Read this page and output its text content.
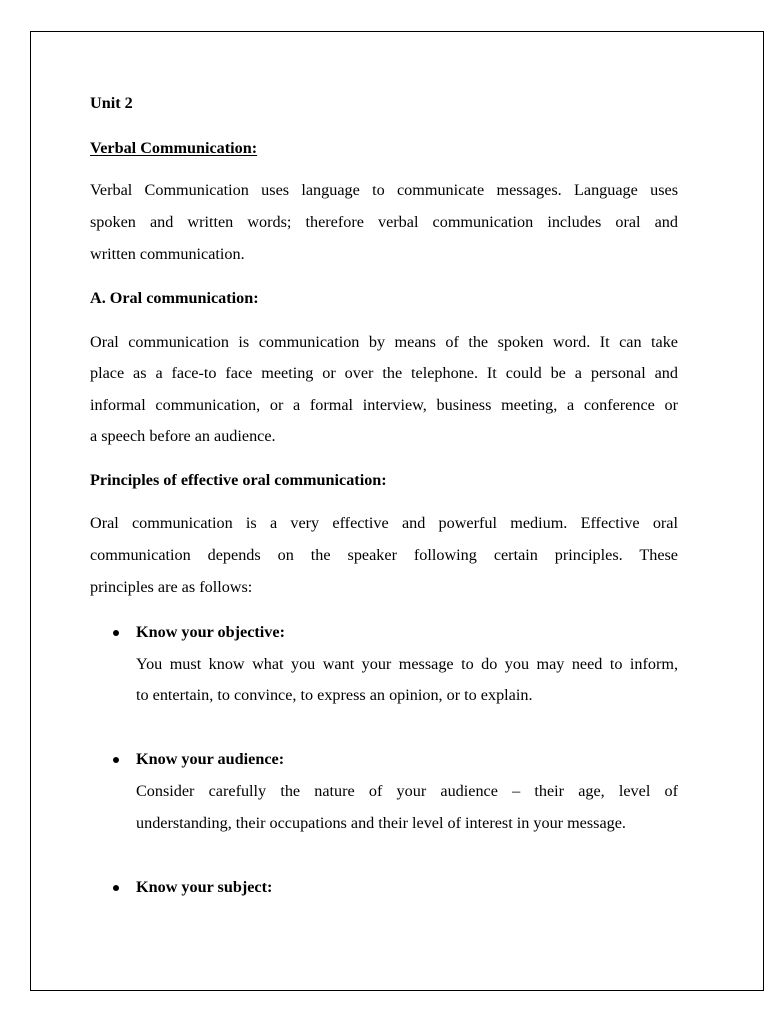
Unit 2
Verbal Communication:
Verbal Communication uses language to communicate messages. Language uses
spoken and written words; therefore verbal communication includes oral and
written communication.
A. Oral communication:
Oral communication is communication by means of the spoken word. It can take
place as a face-to face meeting or over the telephone. It could be a personal and
informal communication, or a formal interview, business meeting, a conference or
a speech before an audience.
Principles of effective oral communication:
Oral communication is a very effective and powerful medium. Effective oral
communication depends on the speaker following certain principles. These
principles are as follows:
Know your objective:
You must know what you want your message to do you may need to inform,
to entertain, to convince, to express an opinion, or to explain.
Know your audience:
Consider carefully the nature of your audience – their age, level of
understanding, their occupations and their level of interest in your message.
Know your subject:
